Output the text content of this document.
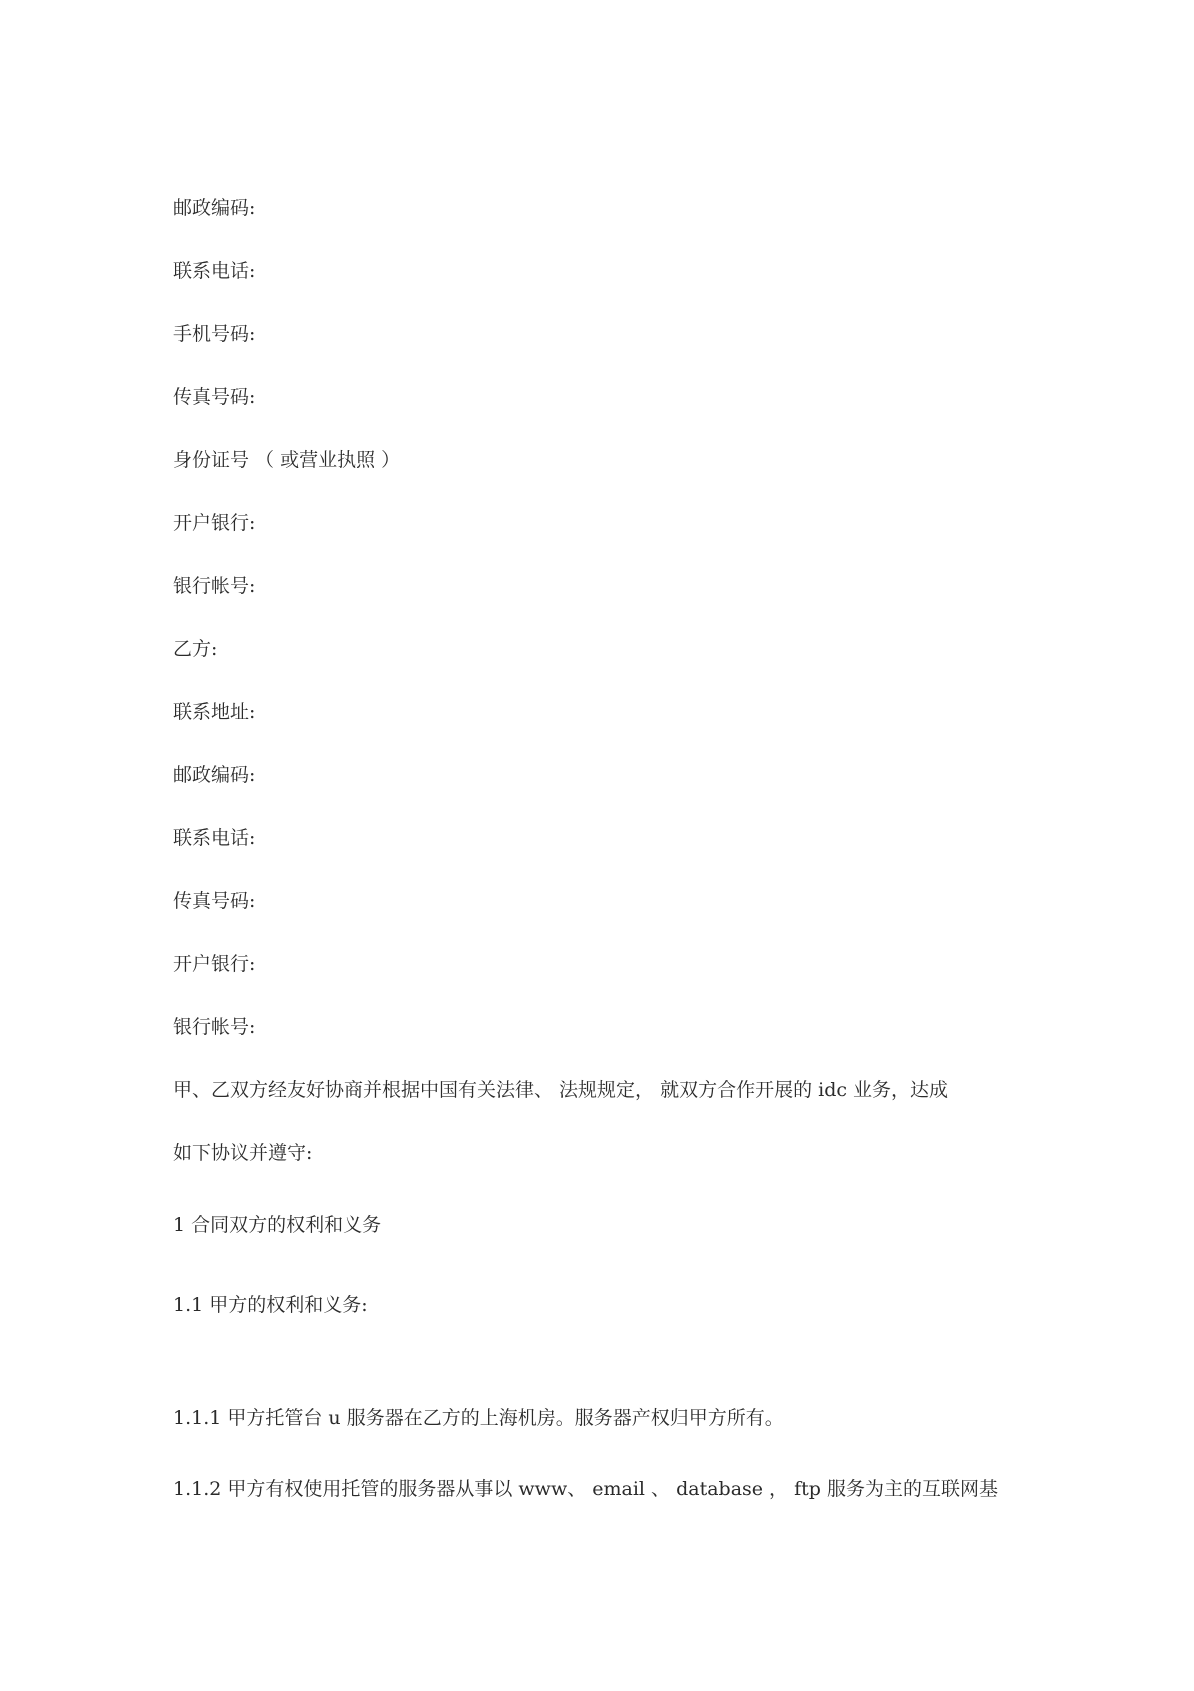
邮政编码:
联系电话:
手机号码:
传真号码:
身份证号 （ 或营业执照 ）
开户银行:
银行帐号:
乙方:
联系地址:
邮政编码:
联系电话:
传真号码:
开户银行:
银行帐号:
甲、乙双方经友好协商并根据中国有关法律、 法规规定， 就双方合作开展的 idc 业务，达成
如下协议并遵守:
1 合同双方的权利和义务
1.1 甲方的权利和义务:
1.1.1 甲方托管台 u 服务器在乙方的上海机房。服务器产权归甲方所有。
1.1.2 甲方有权使用托管的服务器从事以 www、 email 、 database ， ftp 服务为主的互联网基
